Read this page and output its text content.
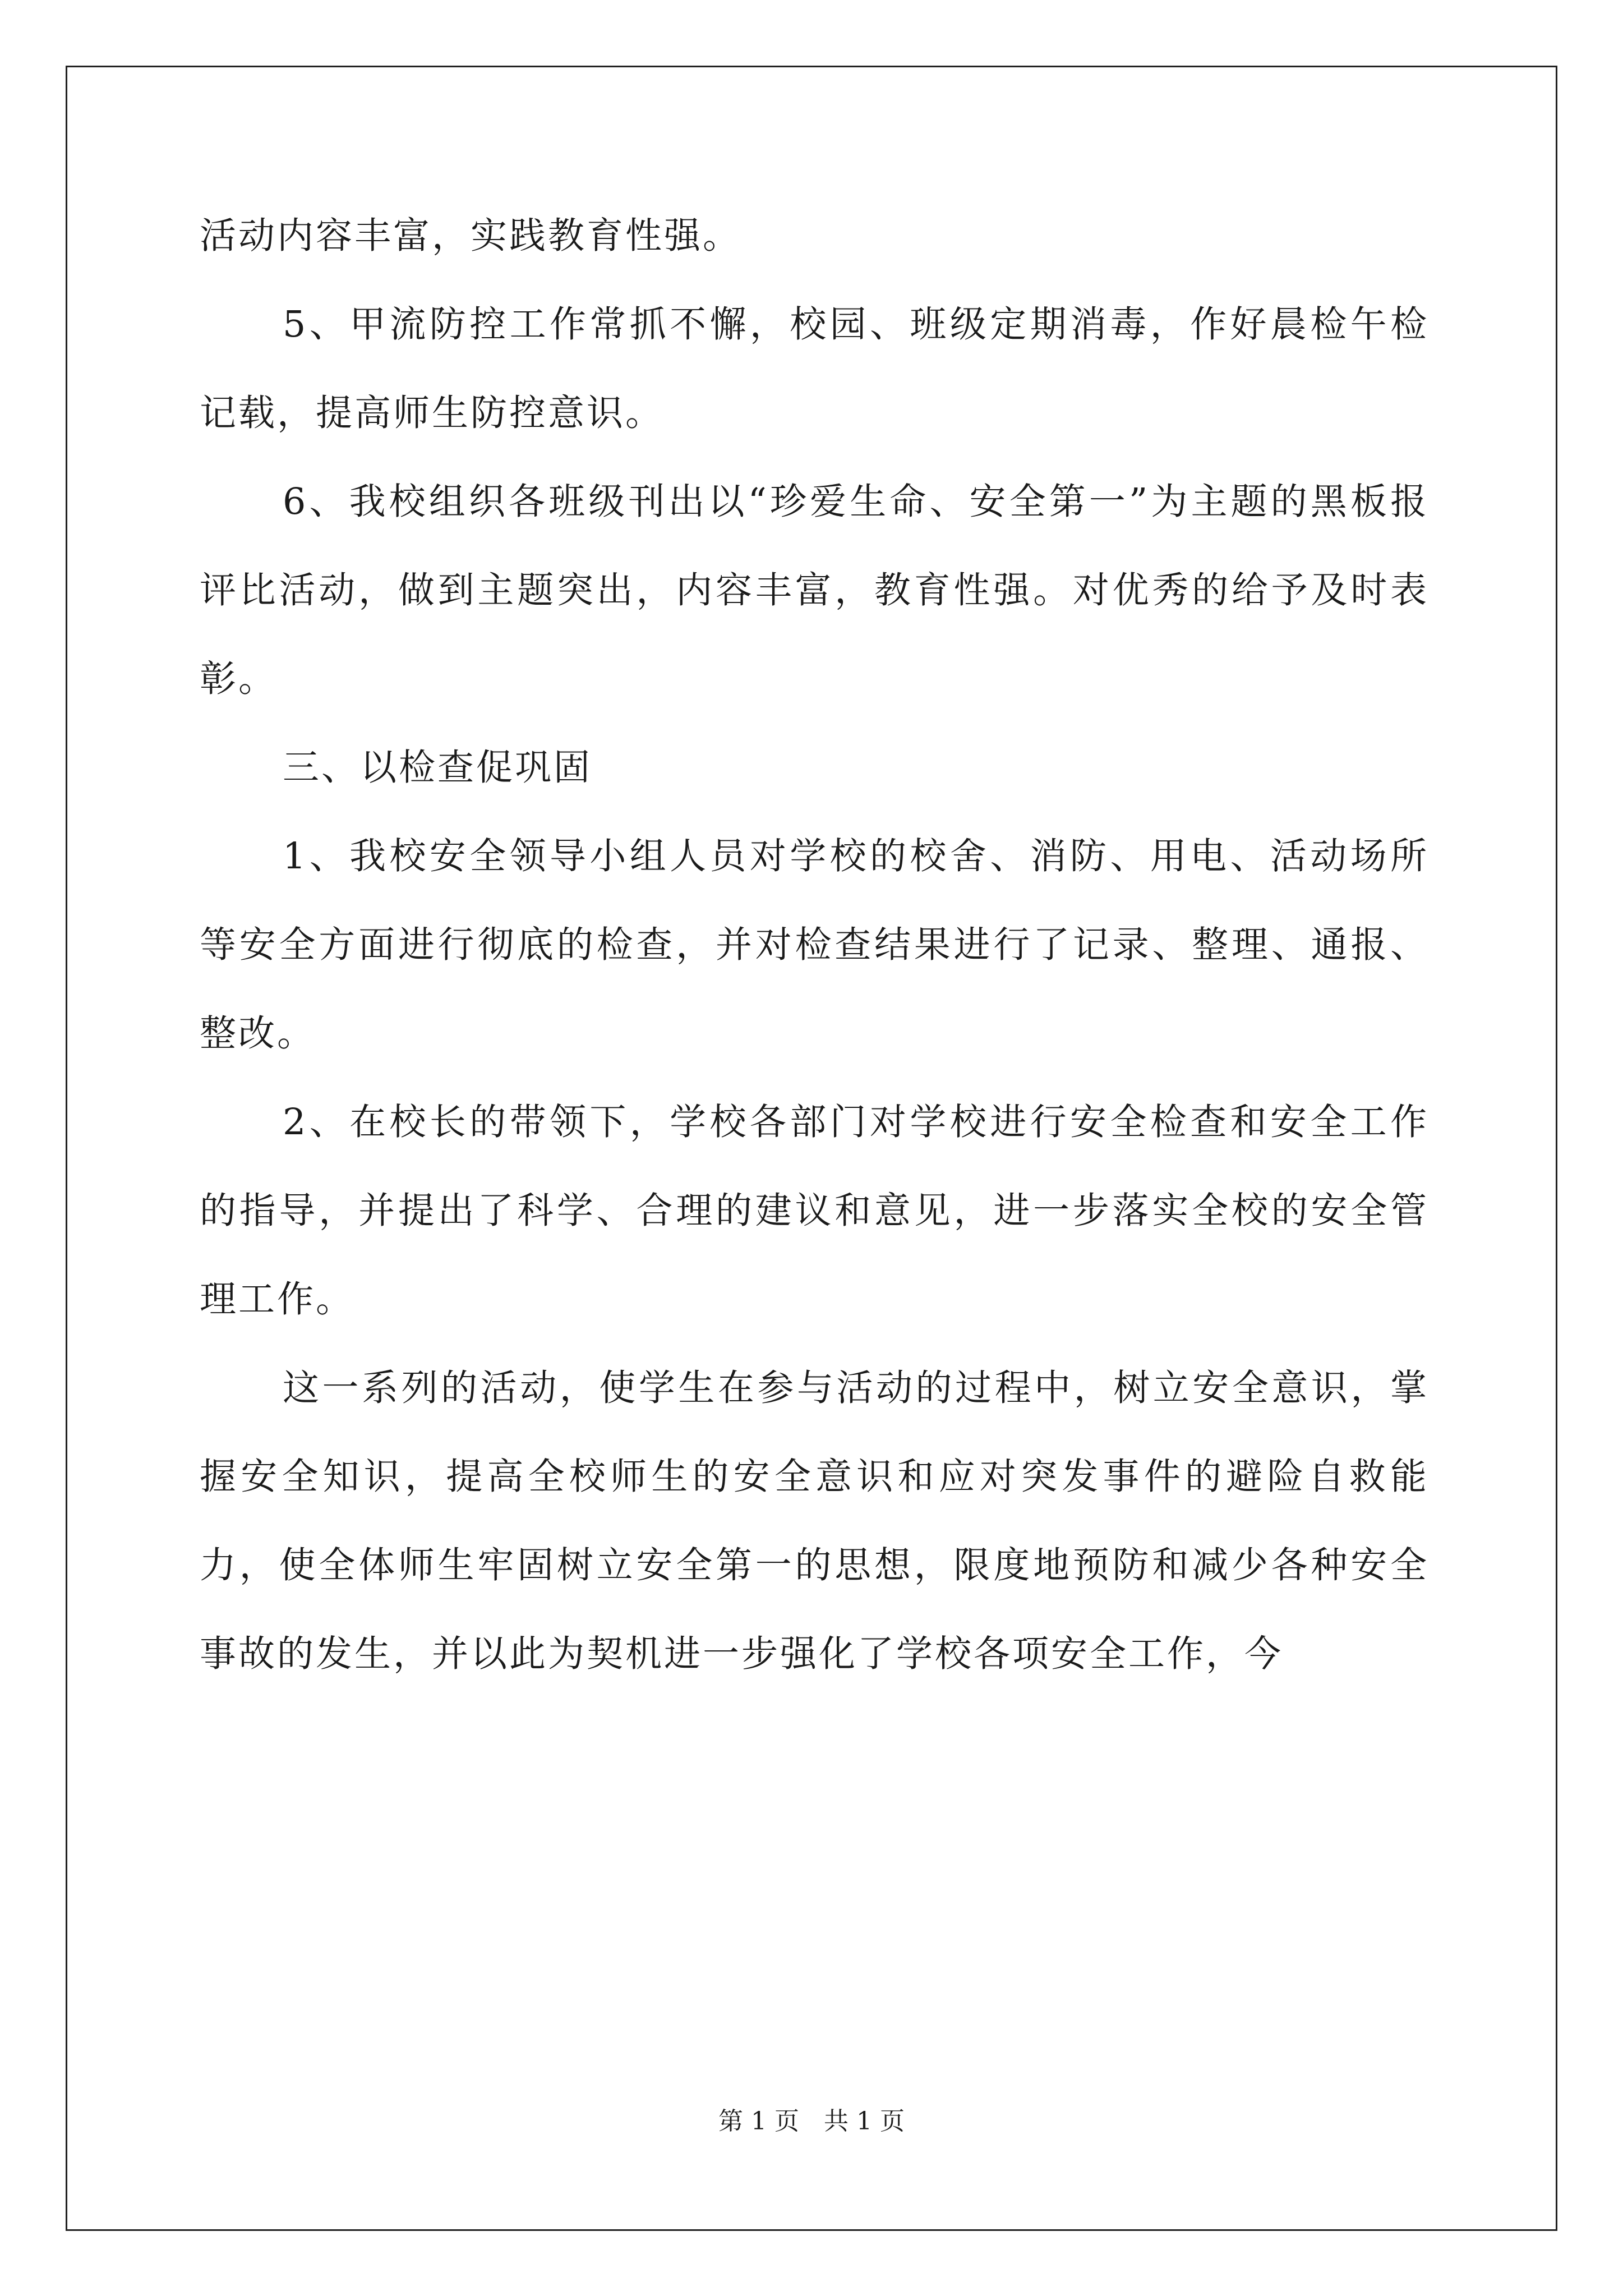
活动内容丰富，实践教育性强。

5、甲流防控工作常抓不懈，校园、班级定期消毒，作好晨检午检记载，提高师生防控意识。

6、我校组织各班级刊出以“珍爱生命、安全第一”为主题的黑板报评比活动，做到主题突出，内容丰富，教育性强。对优秀的给予及时表彰。

三、以检查促巩固

1、我校安全领导小组人员对学校的校舍、消防、用电、活动场所等安全方面进行彻底的检查，并对检查结果进行了记录、整理、通报、整改。

2、在校长的带领下，学校各部门对学校进行安全检查和安全工作的指导，并提出了科学、合理的建议和意见，进一步落实全校的安全管理工作。

这一系列的活动，使学生在参与活动的过程中，树立安全意识，掌握安全知识，提高全校师生的安全意识和应对突发事件的避险自救能力，使全体师生牢固树立安全第一的思想，限度地预防和减少各种安全事故的发生，并以此为契机进一步强化了学校各项安全工作，今

第 1 页 共 1 页
